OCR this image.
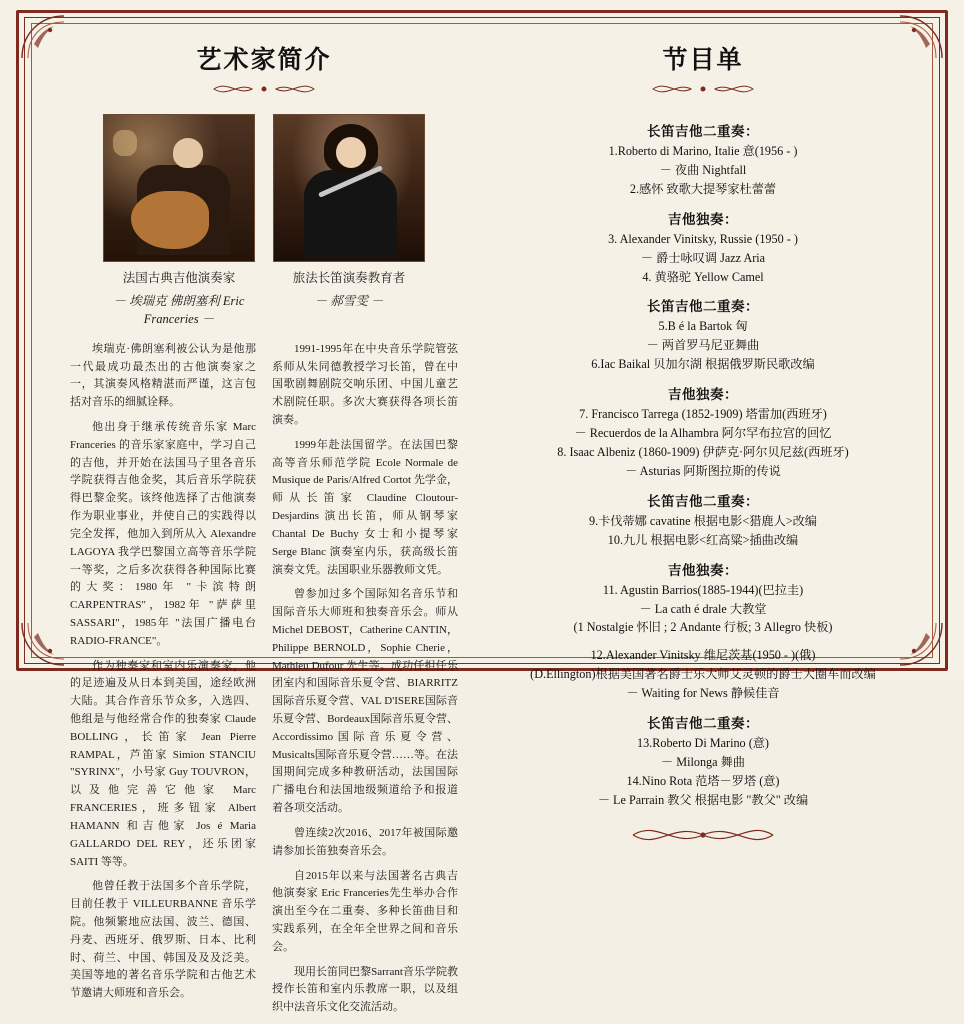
艺术家简介
法国古典吉他演奏家
－ 埃瑞克 佛朗塞利 Eric Franceries －
旅法长笛演奏教育者
－ 郝雪雯 －

埃瑞克·佛朗塞利被公认为是他那一代最成功最杰出的古他演奏家之一，其演奏风格精湛而严谨，这言包括对音乐的细腻诠释。

他出身于继承传统音乐家 Marc Franceries 的音乐家家庭中，学习自己的吉他，并开始在法国马子里各音乐学院获得吉他金奖，其后音乐学院获得巴黎金奖。该终他选择了古他演奏作为职业事业，并使自己的实践得以完全发挥，他加入到所从入 Alexandre LAGOYA 我学巴黎国立高等音乐学院一等奖，之后多次获得各种国际比赛的大奖：1980年 "卡滨特朗 CARPENTRAS"，1982年 "萨萨里 SASSARI"，1985年 "法国广播电台 RADIO-FRANCE"。

作为独奏家和室内乐演奏家，他的足迹遍及从日本到美国，途经欧洲大陆。其合作音乐节众多，入选四、他组是与他经常合作的独奏家 Claude BOLLING，长笛家 Jean Pierre RAMPAL，芦笛家 Simion STANCIU "SYRINX"，小号家 Guy TOUVRON，以及他完善它他家 Marc FRANCERIES，班多钮家 Albert HAMANN 和吉他家 Jos é Maria GALLARDO DEL REY，还乐团家 SAITI 等等。

他曾任教于法国多个音乐学院，目前任教于 VILLEURBANNE 音乐学院。他频繁地应法国、波兰、德国、丹麦、西班牙、俄罗斯、日本、比利时、荷兰、中国、韩国及及及泛美。美国等地的著名音乐学院和古他艺术节邀请大师班和音乐会。

1991-1995年在中央音乐学院管弦系师从朱同德教授学习长笛，曾在中国歌剧舞剧院交响乐团、中国儿童艺术剧院任职。多次大赛获得各项长笛演奏。

1999年赴法国留学。在法国巴黎高等音乐师范学院 Ecole Normale de Musique de Paris/Alfred Cortot 先学金，师从长笛家 Claudine Cloutour-Desjardins 演出长笛，师从钢琴家 Chantal De Buchy 女士和小提琴家 Serge Blanc 演奏室内乐，获高级长笛演奏文凭。法国职业乐器教师文凭。

曾参加过多个国际知名音乐节和国际音乐大师班和独奏音乐会。师从 Michel DEBOST，Catherine CANTIN，Philippe BERNOLD，Sophie Cherie，Mathieu Dufour 先生等。成功任担任乐团室内和国际音乐夏令营、BIARRITZ国际音乐夏令营、VAL D'ISERE国际音乐夏令营、Bordeaux国际音乐夏令营、Accordissimo国际音乐夏令营、Musicalts国际音乐夏令营……等。在法国期间完成多种教研活动，法国国际广播电台和法国地级频道给予和报道着各项交活动。

曾连续2次2016、2017年被国际邀请参加长笛独奏音乐会。

自2015年以来与法国著名古典吉他演奏家 Eric Franceries先生举办合作演出至今在二重奏、多种长笛曲目和实践系列，在全年全世界之间和音乐会。

现用长笛同巴黎Sarrant音乐学院教授作长笛和室内乐教席一职，以及组织中法音乐文化交流活动。

节目单
长笛吉他二重奏：
1.Roberto di Marino, Italie 意(1956 - )
－ 夜曲 Nightfall
2.感怀 致歌大提琴家杜蕾蕾
吉他独奏：
3. Alexander Vinitsky, Russie (1950 - )
－ 爵士咏叹调 Jazz Aria
4. 黄骆驼 Yellow Camel
长笛吉他二重奏：
5.B é la Bartok 匈
－ 两首罗马尼亚舞曲
6.Iac Baikal 贝加尔湖 根据俄罗斯民歌改编
吉他独奏：
7. Francisco Tarrega (1852-1909) 塔雷加(西班牙)
－ Recuerdos de la Alhambra 阿尔罕布拉宫的回忆
8. Isaac Albeniz (1860-1909) 伊萨克·阿尔贝尼兹(西班牙)
－ Asturias 阿斯图拉斯的传说
长笛吉他二重奏：
9.卡伐蒂娜 cavatine 根据电影<猎鹿人>改编
10.九儿 根据电影<红高粱>插曲改编
吉他独奏：
11. Agustin Barrios(1885-1944)(巴拉圭)
－ La cath é drale 大教堂
(1 Nostalgie 怀旧 ; 2 Andante 行板; 3 Allegro 快板)
12.Alexander Vinitsky 维尼茨基(1950 - )(俄)
(D.Ellington)根据美国著名爵士乐大师艾灵顿的爵士大圈车而改编
－ Waiting for News 静候佳音
长笛吉他二重奏：
13.Roberto Di Marino (意)
－ Milonga 舞曲
14.Nino Rota 范塔－罗塔 (意)
－ Le Parrain 教父 根据电影 "教父" 改编
